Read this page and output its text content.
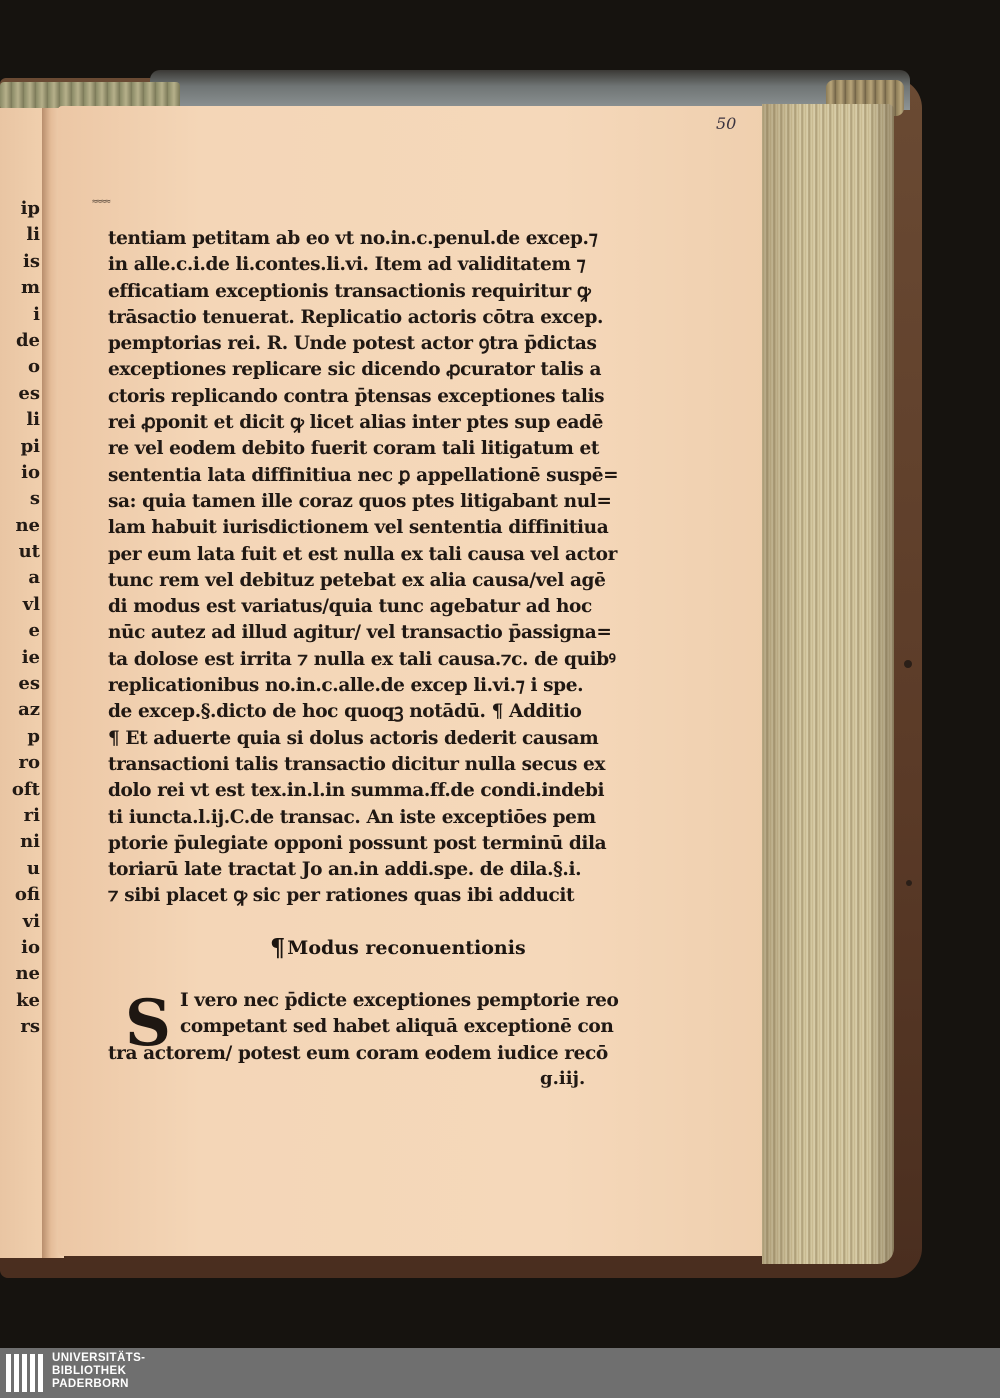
ip
li
is
m
i
de
o
es
li
pi
io
s
ne
ut
a
vl
e
ie
es
az
p
ro
oft
ri
ni
u
ofi
vi
io
ne
ke
rs
50
≈≈≈≈
tentiam petitam ab eo vt no.in.c.penul.de excep.⁊
in alle.c.i.de li.contes.li.vi. Item ad validitatem ⁊
efficatiam exceptionis transactionis requiritur ꝙ
trāsactio tenuerat. Replicatio actoris cōtra excep.
pemptorias rei. R. Unde potest actor ꝯtra p̄dictas
exceptiones replicare sic dicendo ꝓcurator talis a
ctoris replicando contra p̄tensas exceptiones talis
rei ꝓponit et dicit ꝙ licet alias inter ptes sup eadē
re vel eodem debito fuerit coram tali litigatum et
sententia lata diffinitiua nec ꝑ appellationē suspē=
sa: quia tamen ille coraz quos ptes litigabant nul=
lam habuit iurisdictionem vel sententia diffinitiua
per eum lata fuit et est nulla ex tali causa vel actor
tunc rem vel debituz petebat ex alia causa/vel agē
di modus est variatus/quia tunc agebatur ad hoc
nūc autez ad illud agitur/ vel transactio p̄assigna=
ta dolose est irrita ⁊ nulla ex tali causa.⁊c. de quibꝰ
replicationibus no.in.c.alle.de excep li.vi.⁊ i spe.
de excep.§.dicto de hoc quoqꝫ notādū. ¶ Additio
¶ Et aduerte quia si dolus actoris dederit causam
transactioni talis transactio dicitur nulla secus ex
dolo rei vt est tex.in.l.in summa.ff.de condi.indebi
ti iuncta.l.ij.C.de transac. An iste exceptiōes pem
ptorie p̄ulegiate opponi possunt post terminū dila
toriarū late tractat Jo an.in addi.spe. de dila.§.i.
⁊ sibi placet ꝙ sic per rationes quas ibi adducit
¶ Modus reconuentionis
S I vero nec p̄dicte exceptiones pemptorie reo
competant sed habet aliquā exceptionē con
tra actorem/ potest eum coram eodem iudice recō
g.iij.
UNIVERSITÄTS-
BIBLIOTHEK
PADERBORN
